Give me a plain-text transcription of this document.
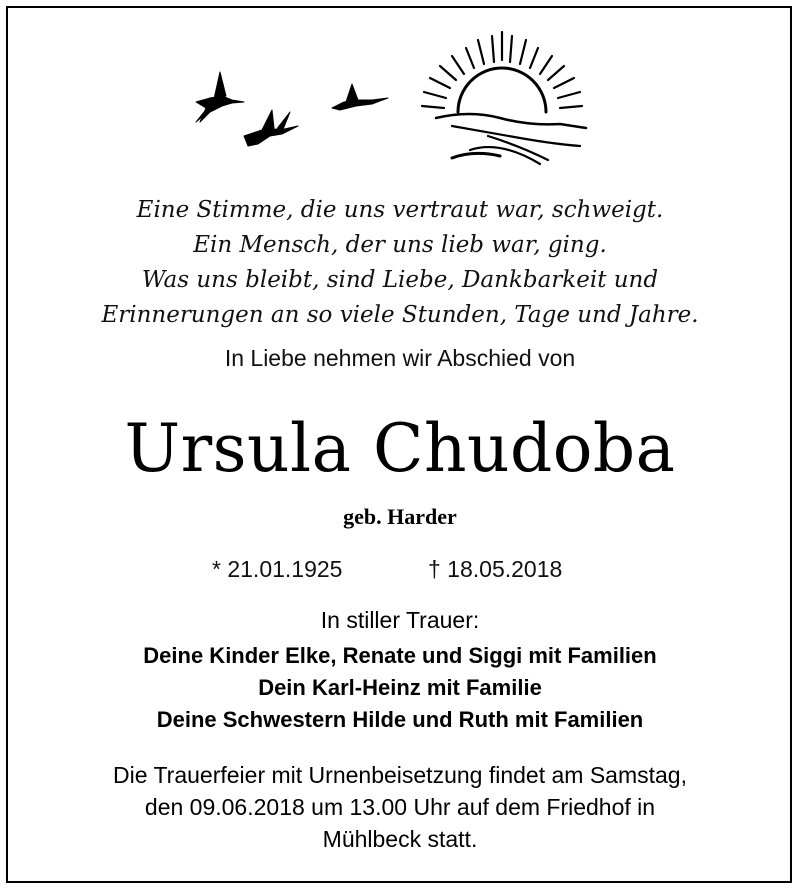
Eine Stimme, die uns vertraut war, schweigt.
Ein Mensch, der uns lieb war, ging.
Was uns bleibt, sind Liebe, Dankbarkeit und
Erinnerungen an so viele Stunden, Tage und Jahre.
In Liebe nehmen wir Abschied von
Ursula Chudoba
geb. Harder
* 21.01.1925	† 18.05.2018
In stiller Trauer:
Deine Kinder Elke, Renate und Siggi mit Familien
Dein Karl-Heinz mit Familie
Deine Schwestern Hilde und Ruth mit Familien
Die Trauerfeier mit Urnenbeisetzung findet am Samstag,
den 09.06.2018 um 13.00 Uhr auf dem Friedhof in
Mühlbeck statt.
